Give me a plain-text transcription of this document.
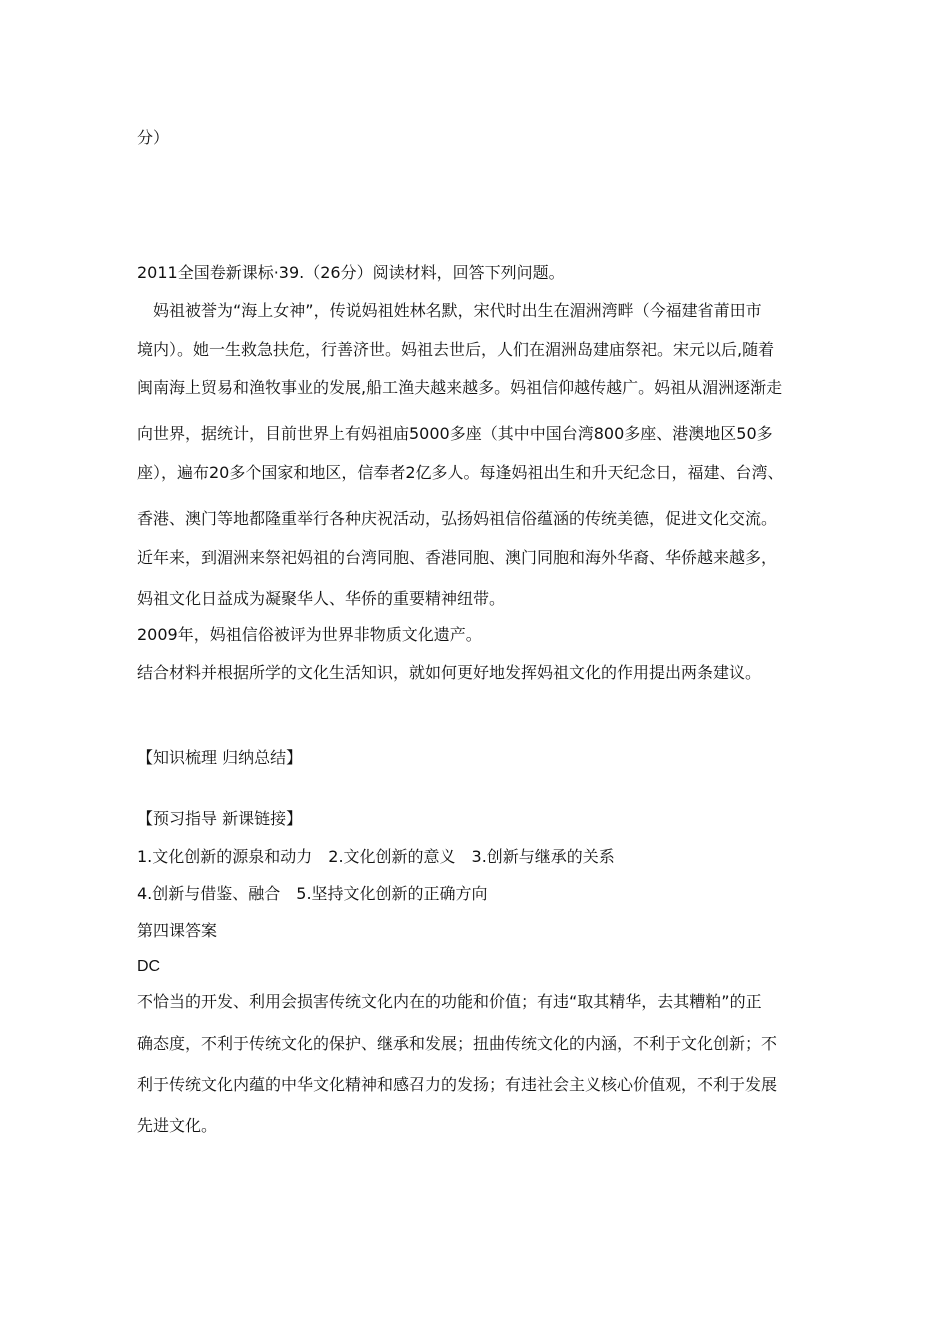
分）
2011全国卷新课标·39.（26分）阅读材料，回答下列问题。
　妈祖被誉为“海上女神”，传说妈祖姓林名默，宋代时出生在湄洲湾畔（今福建省莆田市
境内）。她一生救急扶危，行善济世。妈祖去世后，人们在湄洲岛建庙祭祀。宋元以后,随着
闽南海上贸易和渔牧事业的发展,船工渔夫越来越多。妈祖信仰越传越广。妈祖从湄洲逐渐走
向世界，据统计，目前世界上有妈祖庙5000多座（其中中国台湾800多座、港澳地区50多
座），遍布20多个国家和地区，信奉者2亿多人。每逢妈祖出生和升天纪念日，福建、台湾、
香港、澳门等地都隆重举行各种庆祝活动，弘扬妈祖信俗蕴涵的传统美德，促进文化交流。
近年来，到湄洲来祭祀妈祖的台湾同胞、香港同胞、澳门同胞和海外华裔、华侨越来越多，
妈祖文化日益成为凝聚华人、华侨的重要精神纽带。
2009年，妈祖信俗被评为世界非物质文化遗产。
结合材料并根据所学的文化生活知识，就如何更好地发挥妈祖文化的作用提出两条建议。
【知识梳理 归纳总结】
【预习指导 新课链接】
1.文化创新的源泉和动力　2.文化创新的意义　3.创新与继承的关系
4.创新与借鉴、融合　5.坚持文化创新的正确方向
第四课答案
DC
不恰当的开发、利用会损害传统文化内在的功能和价值；有违“取其精华，去其糟粕”的正
确态度，不利于传统文化的保护、继承和发展；扭曲传统文化的内涵，不利于文化创新；不
利于传统文化内蕴的中华文化精神和感召力的发扬；有违社会主义核心价值观，不利于发展
先进文化。
